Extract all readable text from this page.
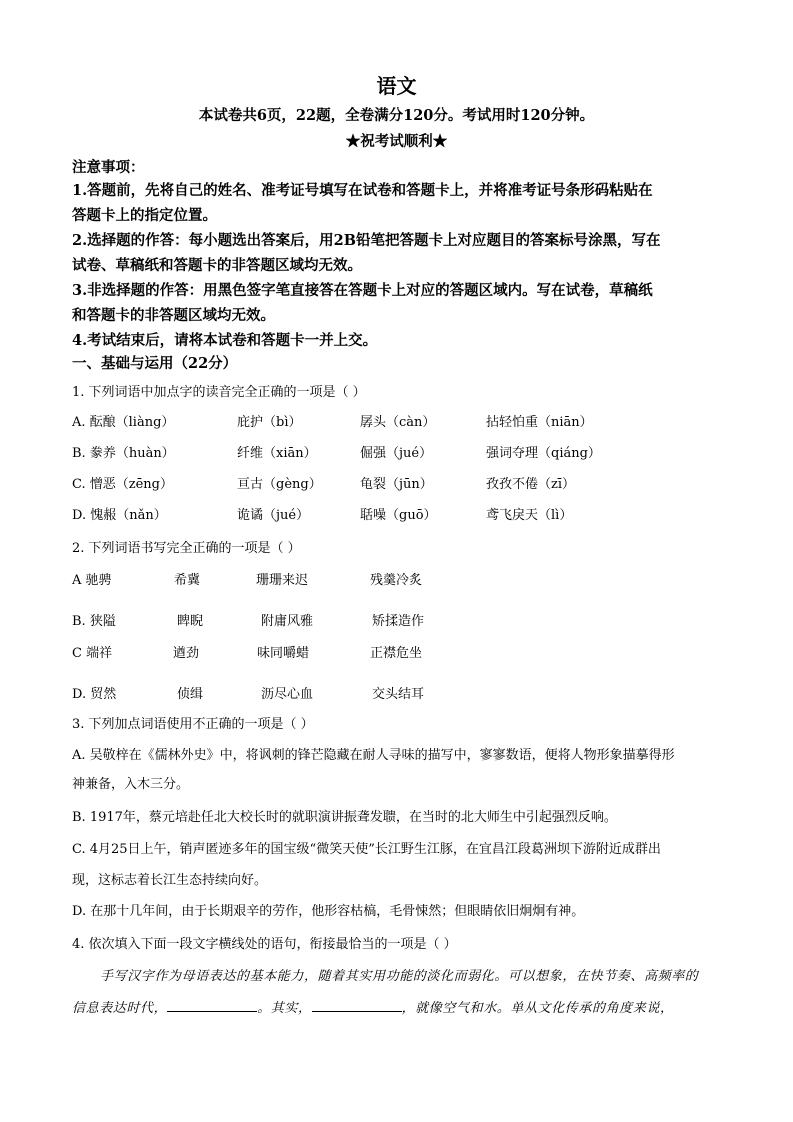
语文
本试卷共6页，22题，全卷满分120分。考试用时120分钟。
★祝考试顺利★
注意事项：
1.答题前，先将自己的姓名、准考证号填写在试卷和答题卡上，并将准考证号条形码粘贴在
答题卡上的指定位置。
2.选择题的作答：每小题选出答案后，用2B铅笔把答题卡上对应题目的答案标号涂黑，写在
试卷、草稿纸和答题卡的非答题区域均无效。
3.非选择题的作答：用黑色签字笔直接答在答题卡上对应的答题区域内。写在试卷，草稿纸
和答题卡的非答题区域均无效。
4.考试结束后，请将本试卷和答题卡一并上交。
一、基础与运用（22分）
1. 下列词语中加点字的读音完全正确的一项是（ ）
A. 酝酿（liàng）	庇护（bì）	孱头（càn）	拈轻怕重（niān）
B. 豢养（huàn）	纤维（xiān）	倔强（jué）	强词夺理（qiáng）
C. 憎恶（zēng）	亘古（gèng）	龟裂（jūn）	孜孜不倦（zī）
D. 愧赧（nǎn）	诡谲（jué）	聒噪（guō）	鸢飞戾天（lì）
2. 下列词语书写完全正确的一项是（ ）
A 驰骋	希冀	珊珊来迟	残羹冷炙
B. 狭隘	睥睨	附庸风雅	矫揉造作
C 端祥	遒劲	味同嚼蜡	正襟危坐
D. 贸然	侦缉	沥尽心血	交头结耳
3. 下列加点词语使用不正确的一项是（ ）
A. 吴敬梓在《儒林外史》中，将讽刺的锋芒隐藏在耐人寻味的描写中，寥寥数语，便将人物形象描摹得形
神兼备，入木三分。
B. 1917年，蔡元培赴任北大校长时的就职演讲振聋发聩，在当时的北大师生中引起强烈反响。
C. 4月25日上午，销声匿迹多年的国宝级“微笑天使”长江野生江豚，在宜昌江段葛洲坝下游附近成群出
现，这标志着长江生态持续向好。
D. 在那十几年间，由于长期艰辛的劳作，他形容枯槁，毛骨悚然；但眼睛依旧炯炯有神。
4. 依次填入下面一段文字横线处的语句，衔接最恰当的一项是（ ）
手写汉字作为母语表达的基本能力，随着其实用功能的淡化而弱化。可以想象，在快节奏、高频率的
信息表达时代，	。其实，	，就像空气和水。单从文化传承的角度来说，
